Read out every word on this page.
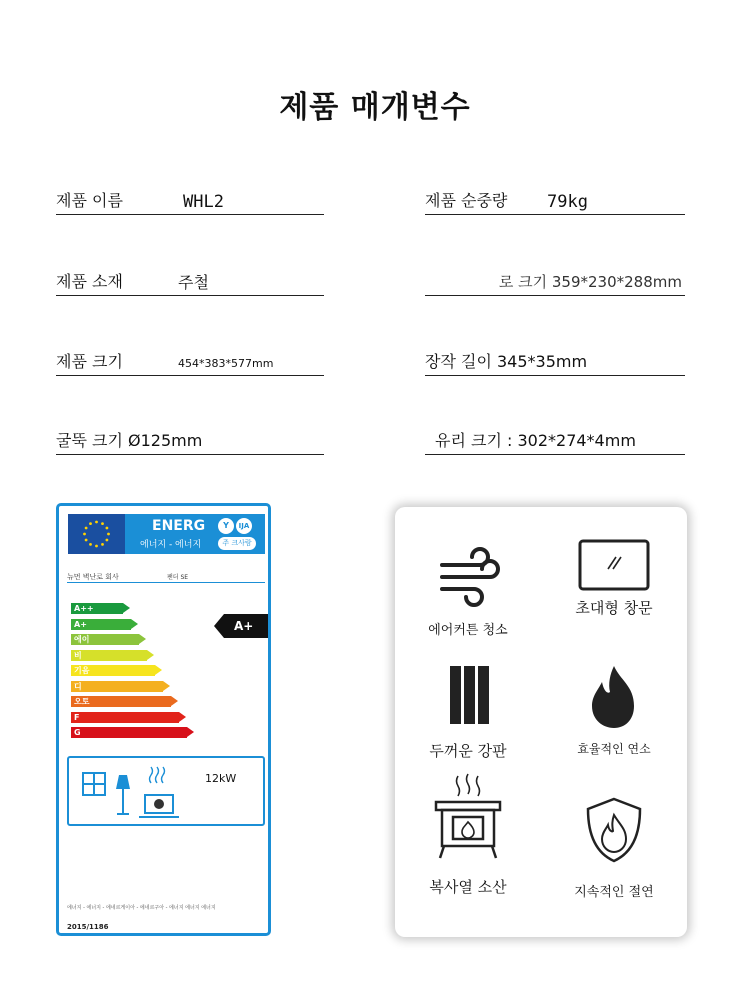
제품 매개변수
제품 이름	WHL2	제품 순중량 79kg
제품 소재	주철	로 크기 359*230*288mm
제품 크기	454*383*577mm	장작 길이 345*35mm
굴뚝 크기 Ø125mm	유리 크기 : 302*274*4mm
ENERG
에너지 - 에너지
Y	IJA
주 크사람
뉴먼 벽난로 회사	팬더 SE
A++
A+
에이
비
기음
디
오토
F
G
A+
12kW
에너지 - 에너지 - 에네르게이아 - 에네르구아 - 에너지 에너지 에너지
2015/1186
에어커튼 청소
초대형 창문
두꺼운 강판	효율적인 연소
복사열 소산	지속적인 절연
